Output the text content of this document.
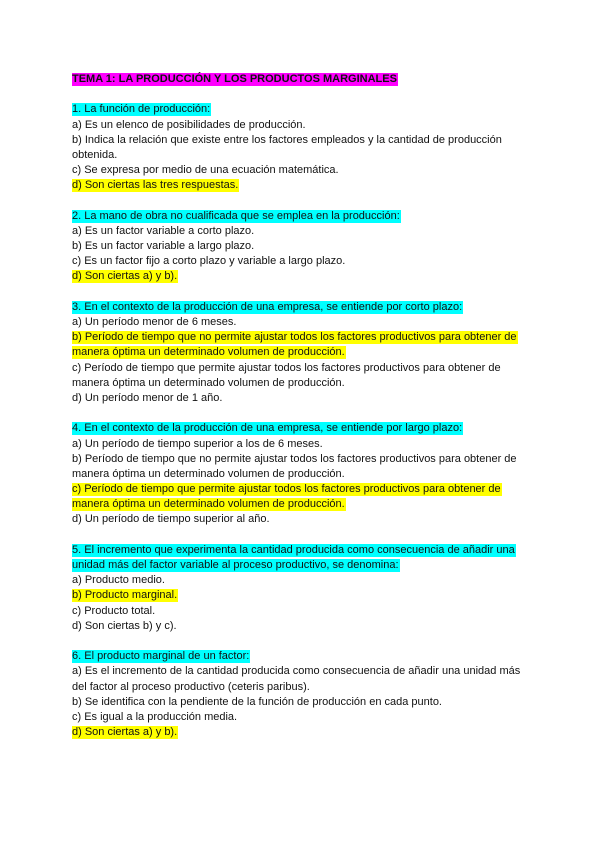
TEMA 1: LA PRODUCCIÓN Y LOS PRODUCTOS MARGINALES
1. La función de producción:
a) Es un elenco de posibilidades de producción.
b) Indica la relación que existe entre los factores empleados y la cantidad de producción
obtenida.
c) Se expresa por medio de una ecuación matemática.
d) Son ciertas las tres respuestas.
2. La mano de obra no cualificada que se emplea en la producción:
a) Es un factor variable a corto plazo.
b) Es un factor variable a largo plazo.
c) Es un factor fijo a corto plazo y variable a largo plazo.
d) Son ciertas a) y b).
3. En el contexto de la producción de una empresa, se entiende por corto plazo:
a) Un período menor de 6 meses.
b) Período de tiempo que no permite ajustar todos los factores productivos para obtener de
manera óptima un determinado volumen de producción.
c) Período de tiempo que permite ajustar todos los factores productivos para obtener de
manera óptima un determinado volumen de producción.
d) Un período menor de 1 año.
4. En el contexto de la producción de una empresa, se entiende por largo plazo:
a) Un período de tiempo superior a los de 6 meses.
b) Período de tiempo que no permite ajustar todos los factores productivos para obtener de
manera óptima un determinado volumen de producción.
c) Período de tiempo que permite ajustar todos los factores productivos para obtener de
manera óptima un determinado volumen de producción.
d) Un período de tiempo superior al año.
5. El incremento que experimenta la cantidad producida como consecuencia de añadir una
unidad más del factor variable al proceso productivo, se denomina:
a) Producto medio.
b) Producto marginal.
c) Producto total.
d) Son ciertas b) y c).
6. El producto marginal de un factor:
a) Es el incremento de la cantidad producida como consecuencia de añadir una unidad más
del factor al proceso productivo (ceteris paribus).
b) Se identifica con la pendiente de la función de producción en cada punto.
c) Es igual a la producción media.
d) Son ciertas a) y b).
